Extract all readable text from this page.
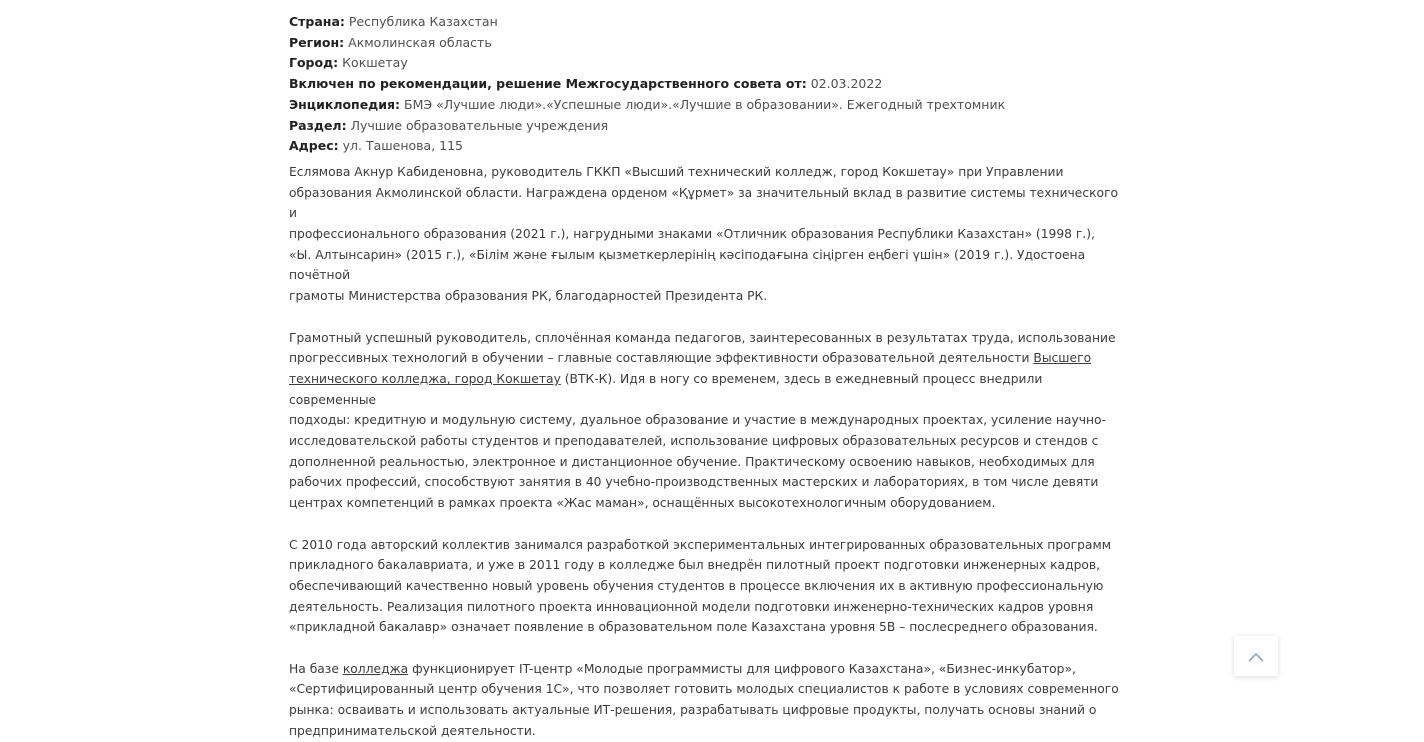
Страна: Республика Казахстан
Регион: Акмолинская область
Город: Кокшетау
Включен по рекомендации, решение Межгосударственного совета от: 02.03.2022
Энциклопедия: БМЭ «Лучшие люди».«Успешные люди».«Лучшие в образовании». Ежегодный трехтомник
Раздел: Лучшие образовательные учреждения
Адрес: ул. Ташенова, 115

Еслямова Акнур Кабиденовна, руководитель ГККП «Высший технический колледж, город Кокшетау» при Управлении
образования Акмолинской области. Награждена орденом «Құрмет» за значительный вклад в развитие системы технического и
профессионального образования (2021 г.), нагрудными знаками «Отличник образования Республики Казахстан» (1998 г.),
«Ы. Алтынсарин» (2015 г.), «Білім және ғылым қызметкерлерінің кәсіподағына сіңірген еңбегі үшін» (2019 г.). Удостоена почётной
грамоты Министерства образования РК, благодарностей Президента РК.

Грамотный успешный руководитель, сплочённая команда педагогов, заинтересованных в результатах труда, использование
прогрессивных технологий в обучении – главные составляющие эффективности образовательной деятельности Высшего
технического колледжа, город Кокшетау (ВТК-К). Идя в ногу со временем, здесь в ежедневный процесс внедрили современные
подходы: кредитную и модульную систему, дуальное образование и участие в международных проектах, усиление научно-
исследовательской работы студентов и преподавателей, использование цифровых образовательных ресурсов и стендов с
дополненной реальностью, электронное и дистанционное обучение. Практическому освоению навыков, необходимых для
рабочих профессий, способствуют занятия в 40 учебно-производственных мастерских и лабораториях, в том числе девяти
центрах компетенций в рамках проекта «Жас маман», оснащённых высокотехнологичным оборудованием.

С 2010 года авторский коллектив занимался разработкой экспериментальных интегрированных образовательных программ
прикладного бакалавриата, и уже в 2011 году в колледже был внедрён пилотный проект подготовки инженерных кадров,
обеспечивающий качественно новый уровень обучения студентов в процессе включения их в активную профессиональную
деятельность. Реализация пилотного проекта инновационной модели подготовки инженерно-технических кадров уровня
«прикладной бакалавр» означает появление в образовательном поле Казахстана уровня 5В – послесреднего образования.

На базе колледжа функционирует IT-центр «Молодые программисты для цифрового Казахстана», «Бизнес-инкубатор»,
«Сертифицированный центр обучения 1С», что позволяет готовить молодых специалистов к работе в условиях современного
рынка: осваивать и использовать актуальные ИТ-решения, разрабатывать цифровые продукты, получать основы знаний о
предпринимательской деятельности.
